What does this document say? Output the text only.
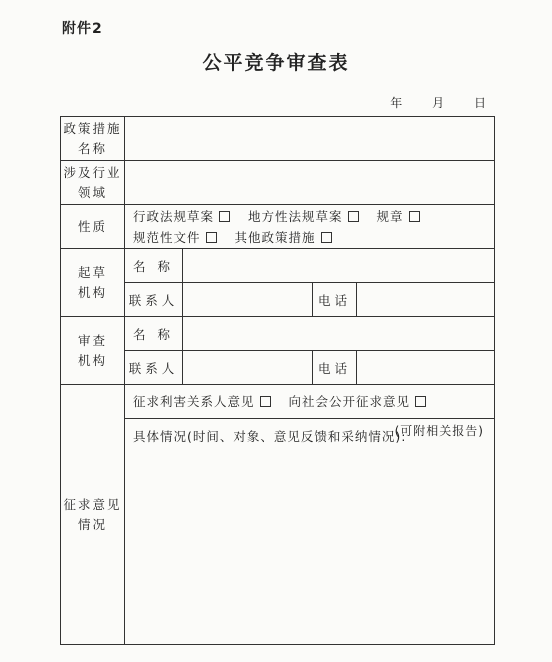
附件2
公平竞争审查表
年 月 日
政策措施
名称				

涉及行业
领域				

性质	行政法规草案 地方性法规草案 规章
规范性文件 其他政策措施			

起草
机构	名 称			
	联系人		电话	

审查
机构	名 称			
	联系人		电话	

征求意见
情况	征求利害关系人意见 向社会公开征求意见			

	具体情况(时间、对象、意见反馈和采纳情况):
(可附相关报告)			
